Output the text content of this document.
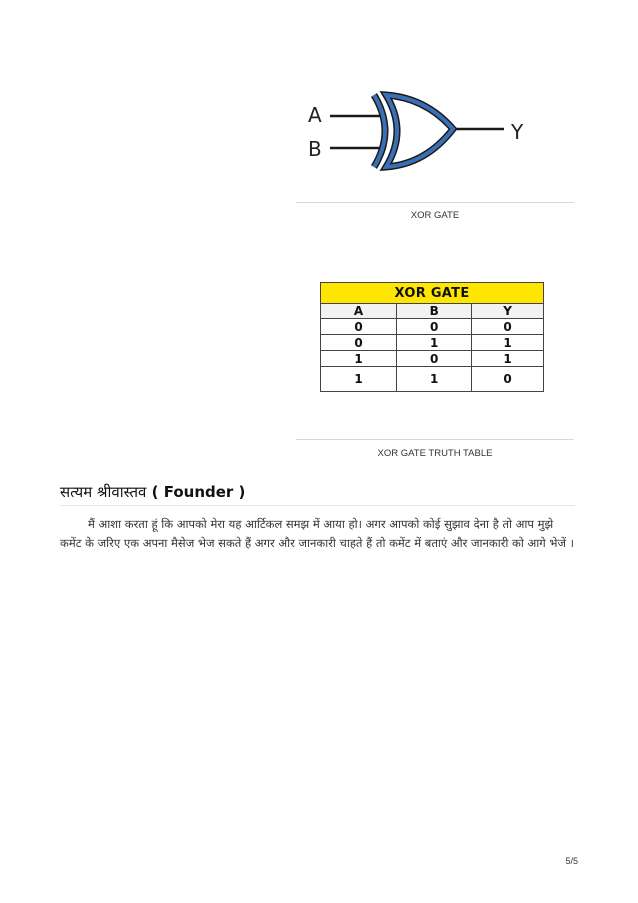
A
B
Y
XOR GATE
XOR GATE		
A	B	Y
0	0	0
0	1	1
1	0	1
1	1	0
XOR GATE TRUTH TABLE
सत्यम श्रीवास्तव ( Founder )

मैं आशा करता हूं कि आपको मेरा यह आर्टिकल समझ में आया हो। अगर आपको कोई सुझाव देना है तो आप मुझे कमेंट के जरिए एक अपना मैसेज भेज सकते हैं अगर और जानकारी चाहते हैं तो कमेंट में बताएं और जानकारी को आगे भेजें ।

5/5
